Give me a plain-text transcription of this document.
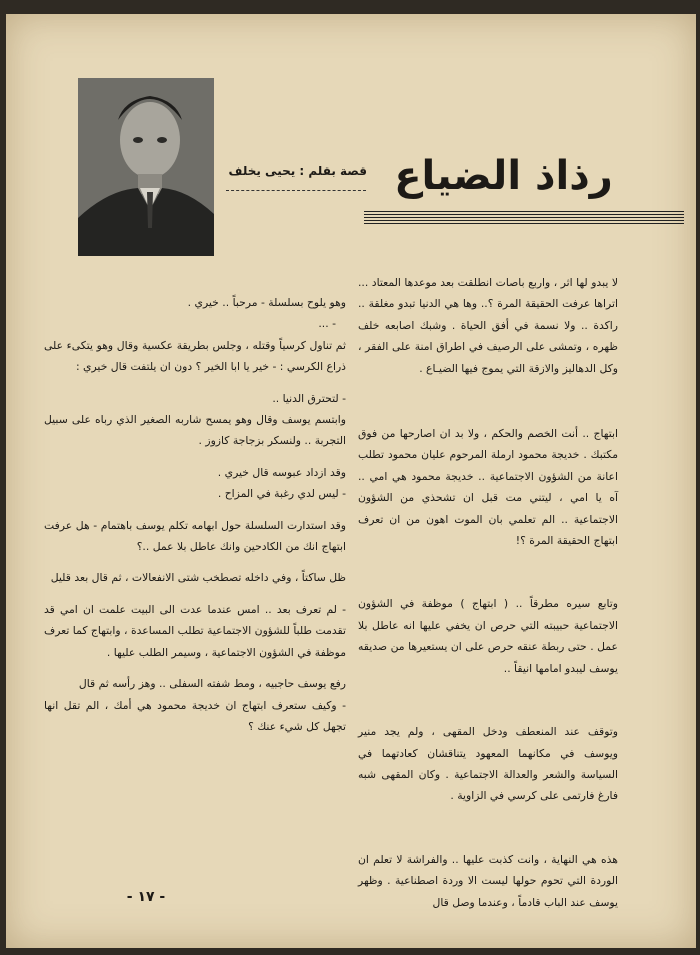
رذاذ الضياع
قصة بقلم : يحيى يخلف

لا يبدو لها اثر ، واربع باصات انطلقت بعد موعدها المعتاد ... اتراها عرفت الحقيقة المرة ؟.. وها هي الدنيا تبدو مغلقة .. راكدة .. ولا نسمة في أفق الحياة . وشبك اصابعه خلف ظهره ، وتمشى على الرصيف في اطراق امنة على الفقر ، وكل الدهاليز والازقة التي يموج فيها الضيـاع .

ابتهاج .. أنت الخصم والحكم ، ولا بد ان اصارحها من فوق مكتبك . خديجة محمود ارملة المرحوم عليان محمود تطلب اعانة من الشؤون الاجتماعية .. خديجة محمود هي امي .. آه يا امي ، ليتني مت قبل ان تشحذي من الشؤون الاجتماعية .. الم تعلمي بان الموت اهون من ان تعرف ابتهاج الحقيقة المرة ؟!

وتابع سيره مطرقاً .. ( ابتهاج ) موظفة في الشؤون الاجتماعية حبيبته التي حرص ان يخفي عليها انه عاطل بلا عمل . حتى ربطة عنقه حرص على ان يستعيرها من صديقه يوسف ليبدو امامها انيقاً ..

وتوقف عند المنعطف ودخل المقهى ، ولم يجد منير ويوسف في مكانهما المعهود يتناقشان كعادتهما في السياسة والشعر والعدالة الاجتماعية . وكان المقهى شبه فارغ فارتمى على كرسي في الزاوية .

هذه هي النهاية ، وانت كذبت عليها .. والفراشة لا تعلم ان الوردة التي تحوم حولها ليست الا وردة اصطناعية . وظهر يوسف عند الباب قادماً ، وعندما وصل قال

وهو يلوح بسلسلة - مرحباً .. خيري .

- ...

ثم تناول كرسياً وقتله ، وجلس بطريقة عكسية وقال وهو يتكىء على ذراع الكرسي : - خير يا ابا الخير ؟ دون ان يلتفت قال خيري :

- لتحترق الدنيا ..

وابتسم يوسف وقال وهو يمسح شاربه الصغير الذي رباه على سبيل التجربة .. ولنسكر بزجاجة كازوز .

وقد ازداد عبوسه قال خيري .

- ليس لدي رغبة في المزاح .

وقد استدارت السلسلة حول ابهامه تكلم يوسف باهتمام - هل عرفت ابتهاج انك من الكادحين وانك عاطل بلا عمل ..؟

ظل ساكتاً ، وفي داخله تصطخب شتى الانفعالات ، ثم قال بعد قليل

- لم تعرف بعد .. امس عندما عدت الى البيت علمت ان امي قد تقدمت طلباً للشؤون الاجتماعية تطلب المساعدة ، وابتهاج كما تعرف موظفة في الشؤون الاجتماعية ، وسيمر الطلب عليها .

رفع يوسف حاجبيه ، ومط شفته السفلى .. وهز رأسه ثم قال

- وكيف ستعرف ابتهاج ان خديجة محمود هي أمك ، الم تقل انها تجهل كل شيء عنك ؟

- ١٧ -
